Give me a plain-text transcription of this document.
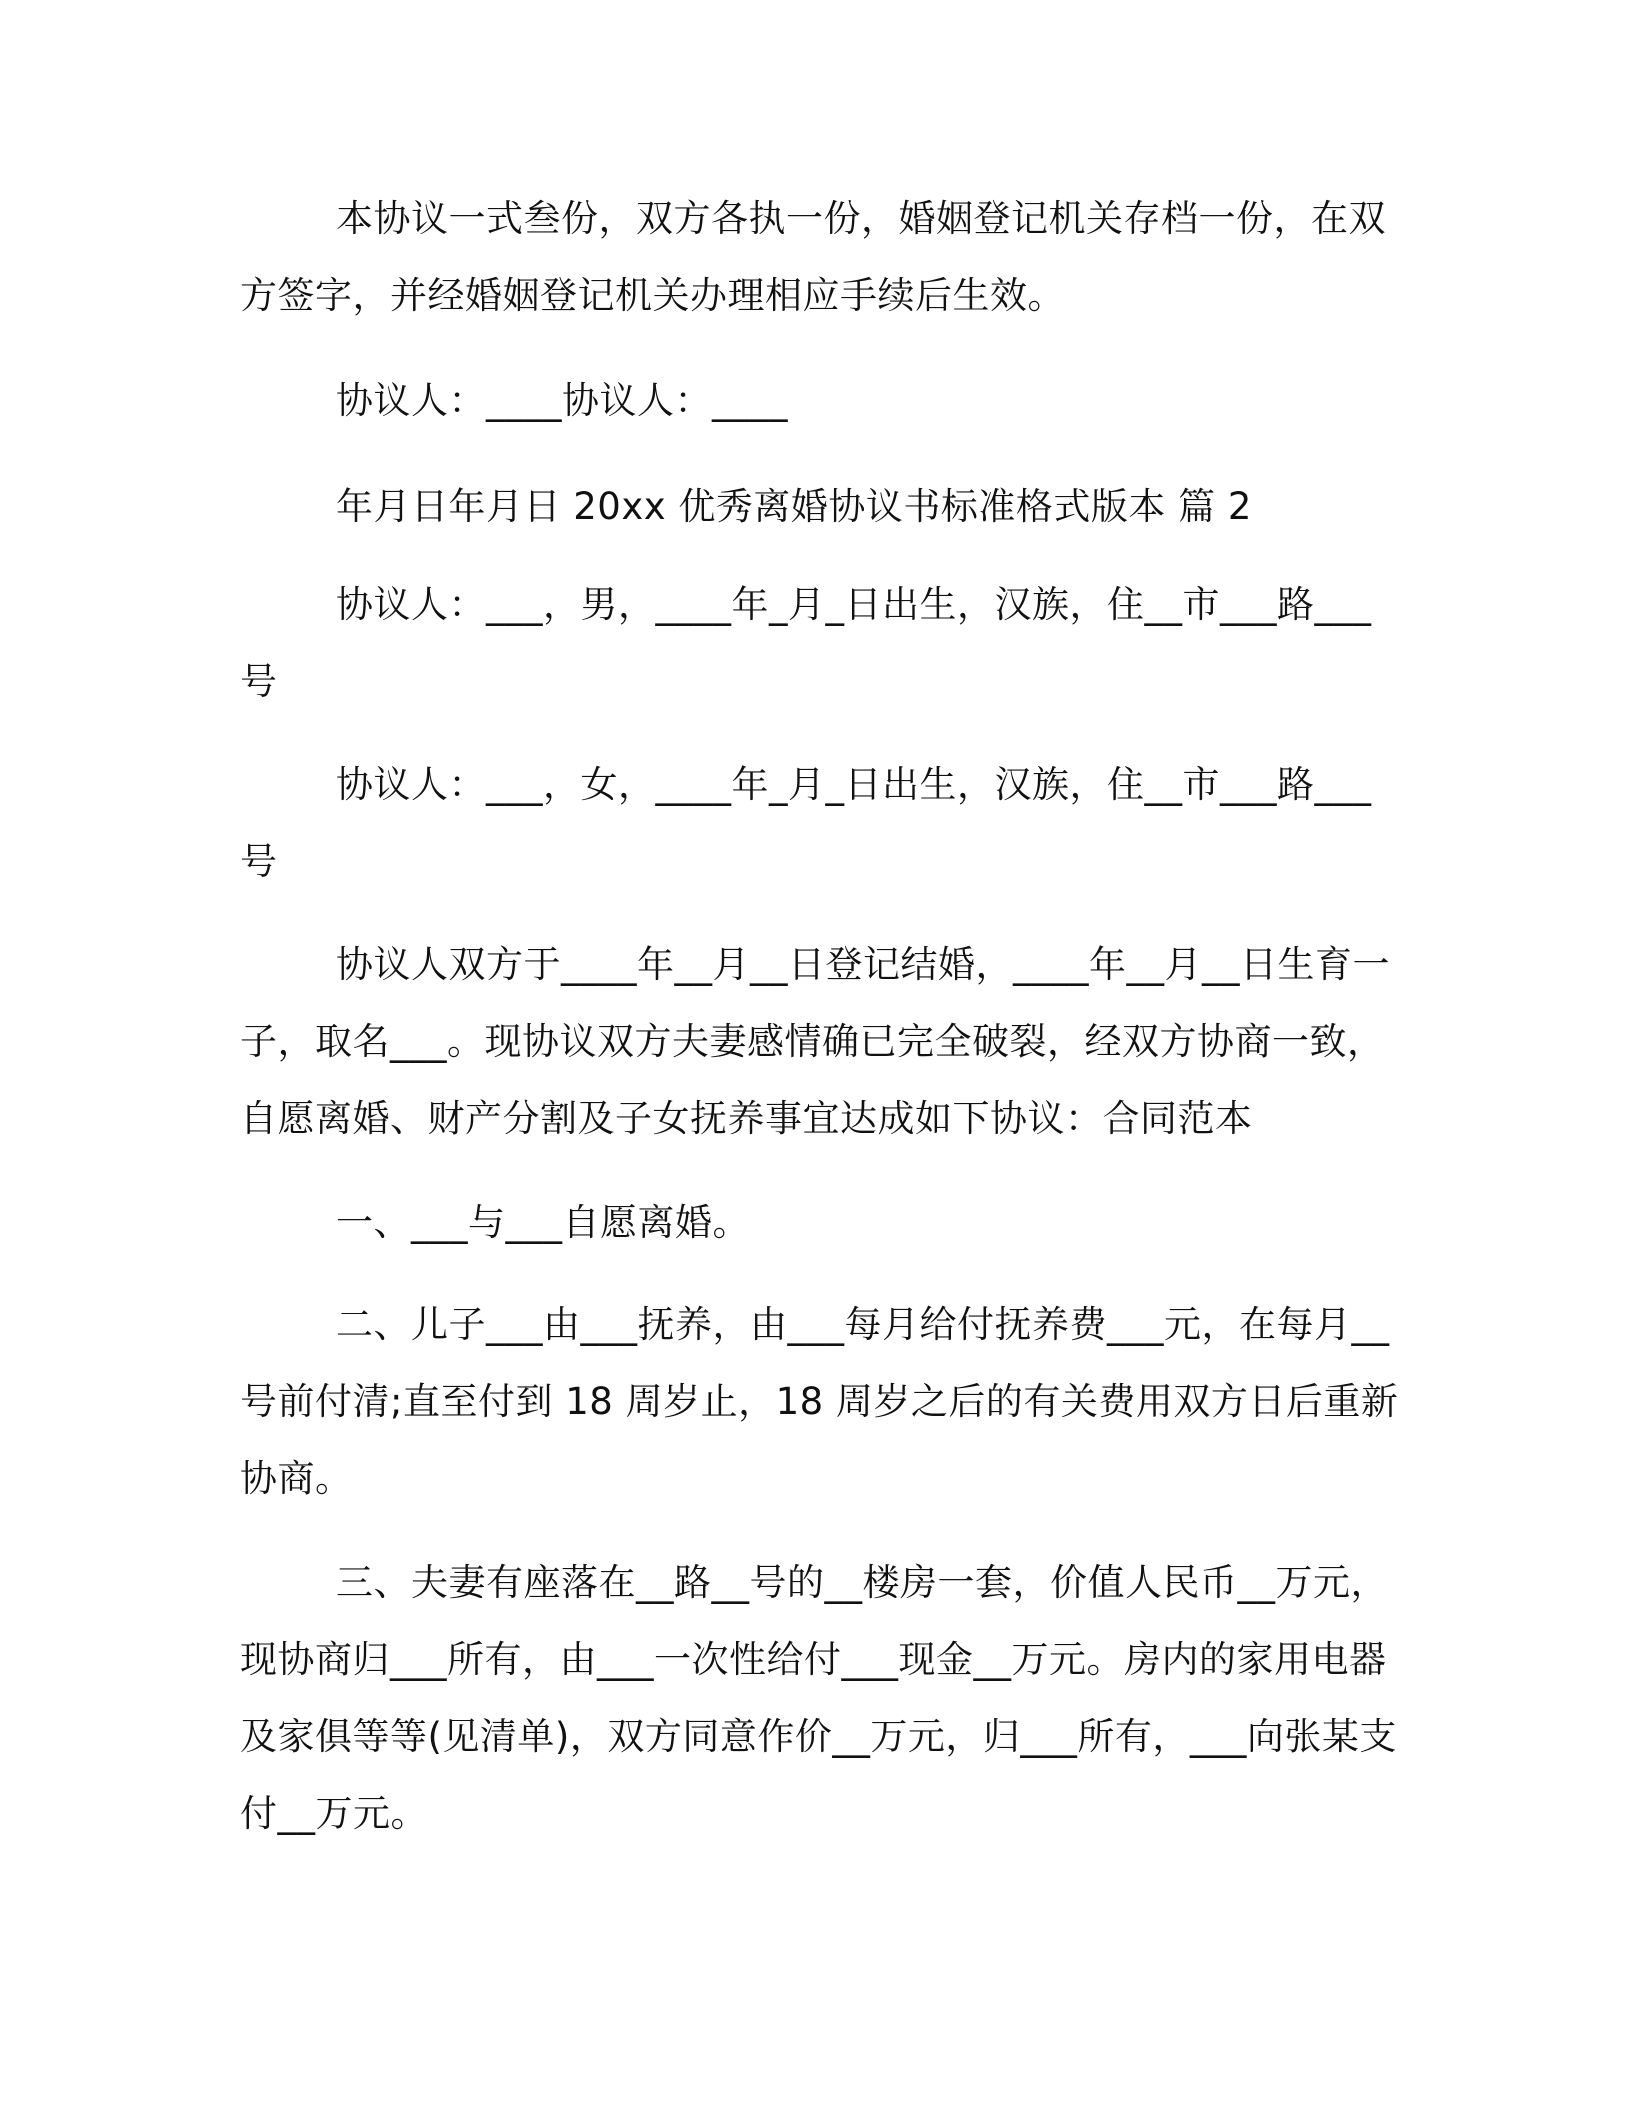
本协议一式叁份，双方各执一份，婚姻登记机关存档一份，在双方签字，并经婚姻登记机关办理相应手续后生效。

协议人：____协议人：____

年月日年月日 20xx 优秀离婚协议书标准格式版本 篇 2

协议人：___，男，____年_月_日出生，汉族，住__市___路___号

协议人：___，女，____年_月_日出生，汉族，住__市___路___号

协议人双方于____年__月__日登记结婚，____年__月__日生育一子，取名___。现协议双方夫妻感情确已完全破裂，经双方协商一致，自愿离婚、财产分割及子女抚养事宜达成如下协议：合同范本

一、___与___自愿离婚。

二、儿子___由___抚养，由___每月给付抚养费___元，在每月__号前付清;直至付到 18 周岁止，18 周岁之后的有关费用双方日后重新协商。

三、夫妻有座落在__路__号的__楼房一套，价值人民币__万元，现协商归___所有，由___一次性给付___现金__万元。房内的家用电器及家俱等等(见清单)，双方同意作价__万元，归___所有，___向张某支付__万元。
